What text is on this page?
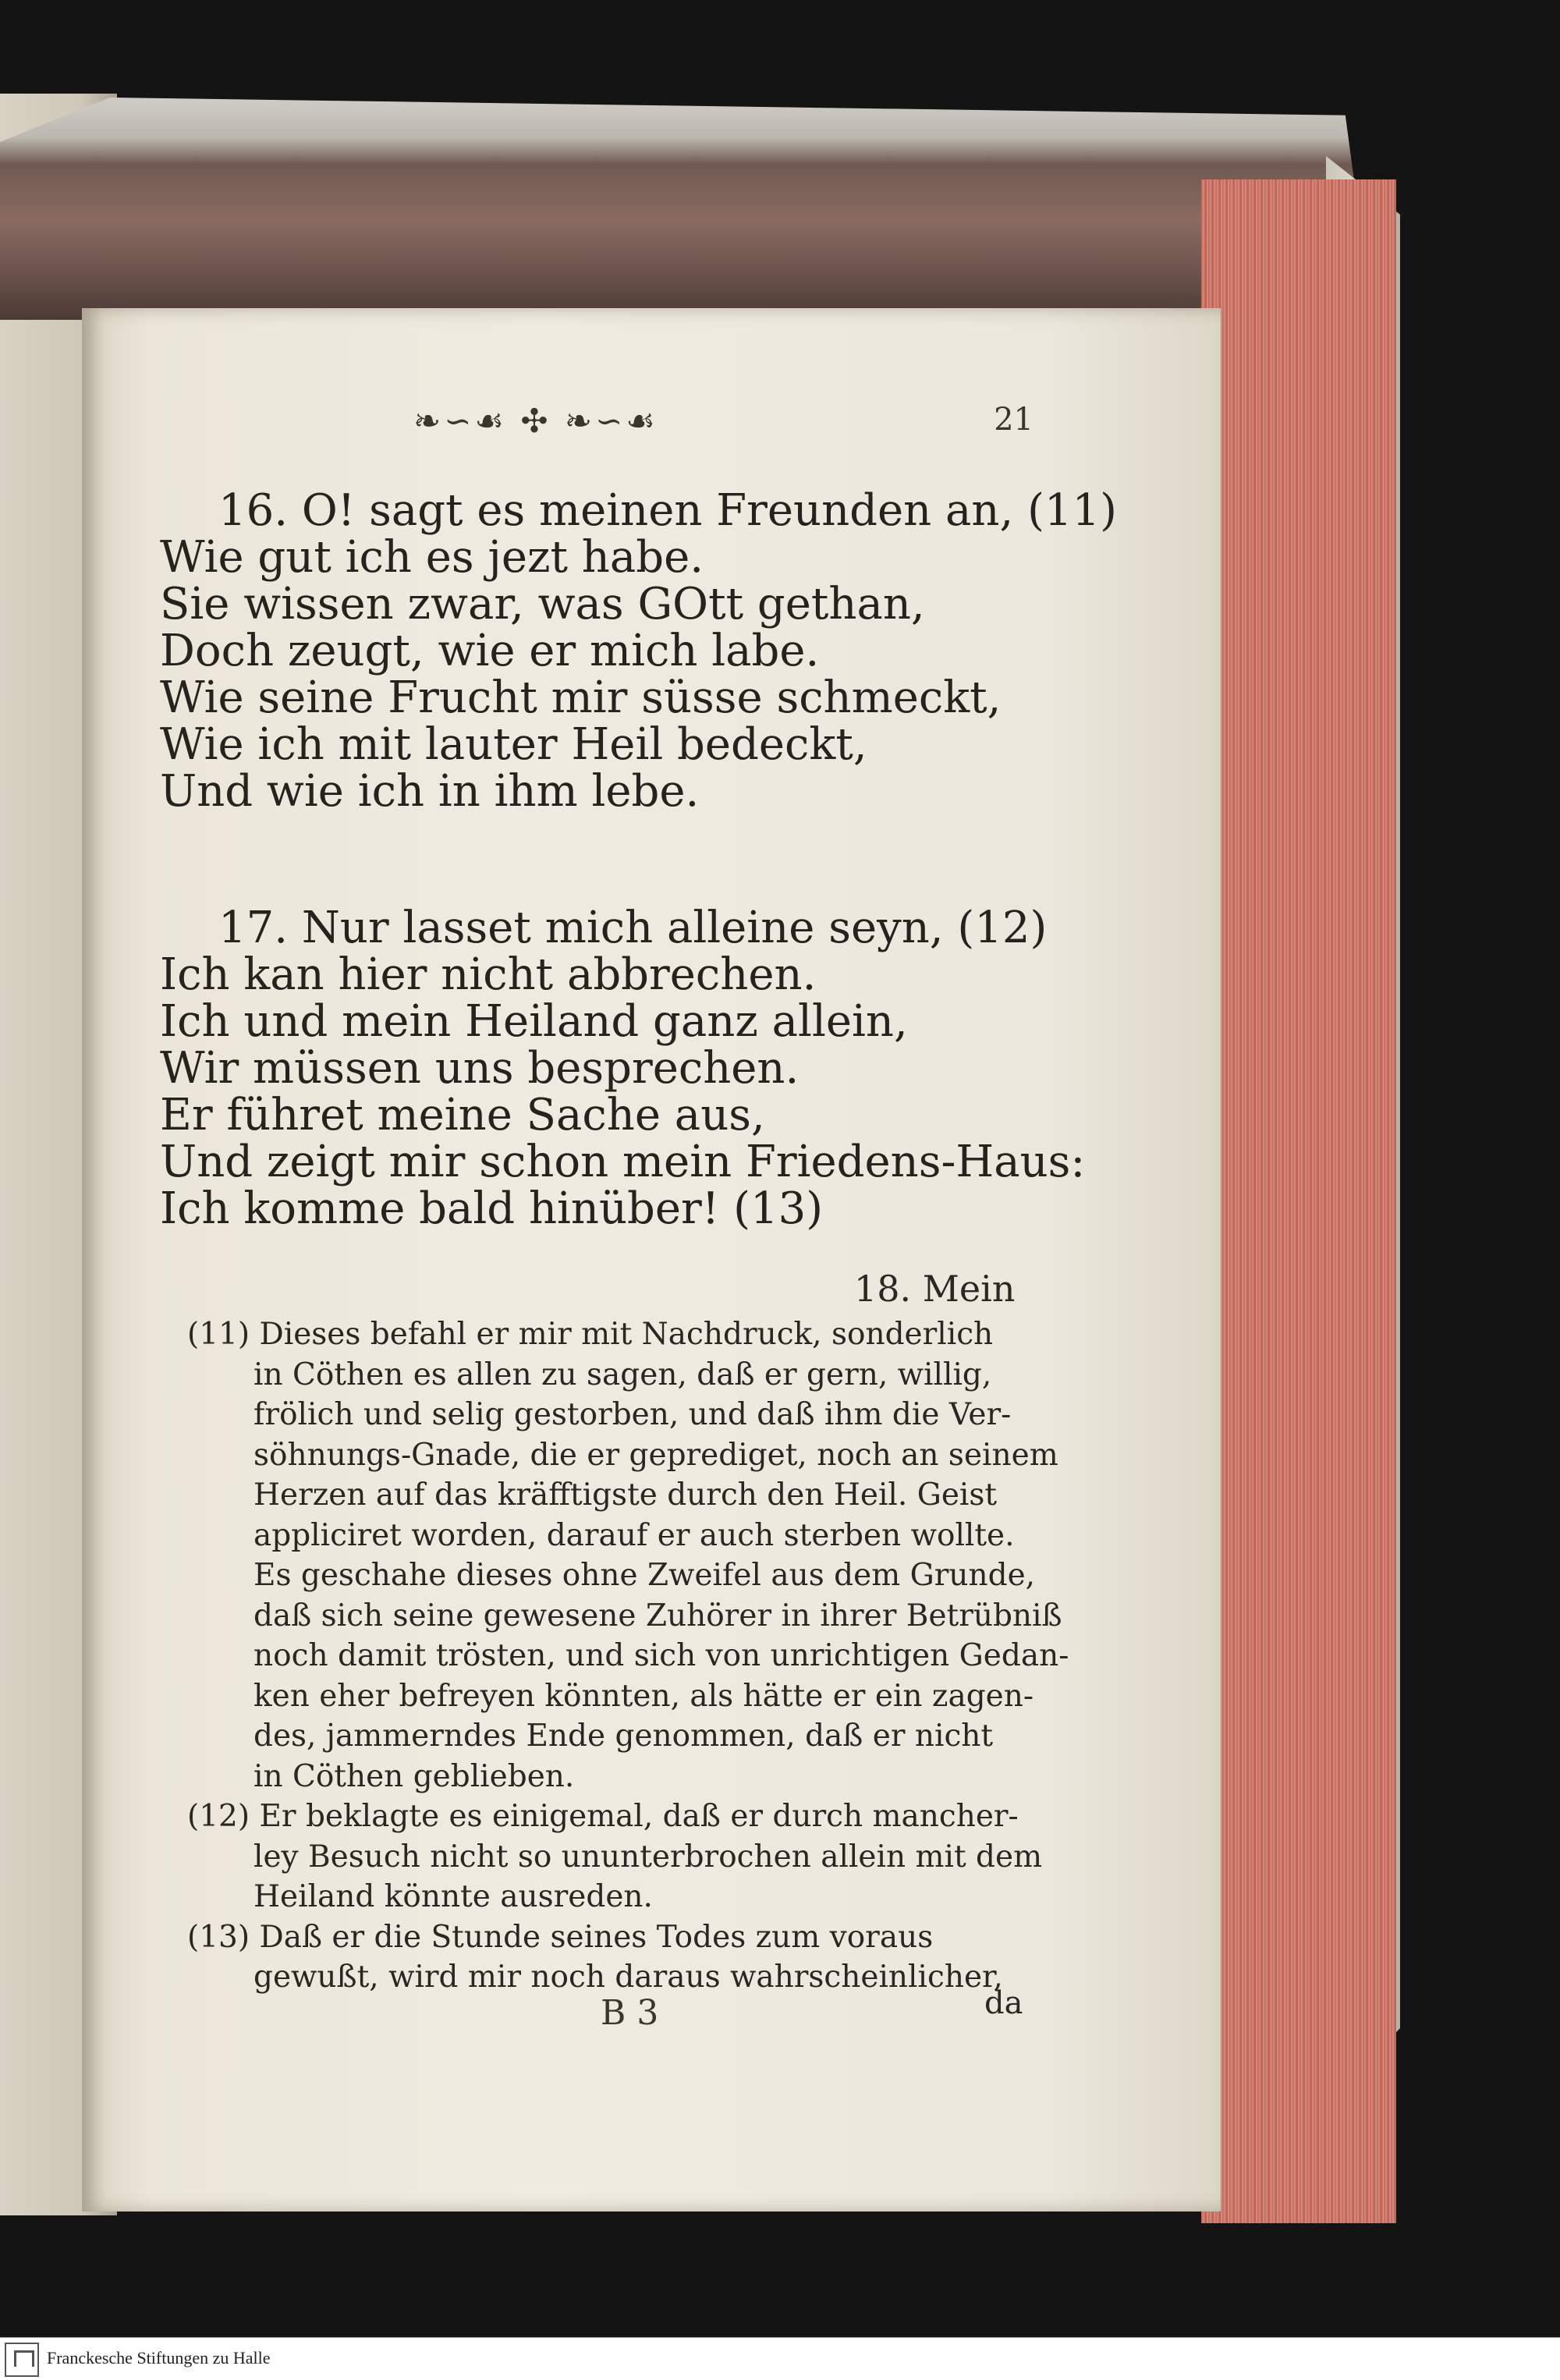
❧∽☙ ✣ ❧∽☙	21
16. O! sagt es meinen Freunden an, (11)
Wie gut ich es jezt habe.
Sie wissen zwar, was GOtt gethan,
Doch zeugt, wie er mich labe.
Wie seine Frucht mir süsse schmeckt,
Wie ich mit lauter Heil bedeckt,
Und wie ich in ihm lebe.
17. Nur lasset mich alleine seyn, (12)
Ich kan hier nicht abbrechen.
Ich und mein Heiland ganz allein,
Wir müssen uns besprechen.
Er führet meine Sache aus,
Und zeigt mir schon mein Friedens-Haus:
Ich komme bald hinüber! (13)
18. Mein
(11) Dieses befahl er mir mit Nachdruck, sonderlich
in Cöthen es allen zu sagen, daß er gern, willig,
frölich und selig gestorben, und daß ihm die Ver-
söhnungs-Gnade, die er geprediget, noch an seinem
Herzen auf das kräfftigste durch den Heil. Geist
appliciret worden, darauf er auch sterben wollte.
Es geschahe dieses ohne Zweifel aus dem Grunde,
daß sich seine gewesene Zuhörer in ihrer Betrübniß
noch damit trösten, und sich von unrichtigen Gedan-
ken eher befreyen könnten, als hätte er ein zagen-
des, jammerndes Ende genommen, daß er nicht
in Cöthen geblieben.
(12) Er beklagte es einigemal, daß er durch mancher-
ley Besuch nicht so ununterbrochen allein mit dem
Heiland könnte ausreden.
(13) Daß er die Stunde seines Todes zum voraus
gewußt, wird mir noch daraus wahrscheinlicher,
B 3	da
Franckesche Stiftungen zu Halle
